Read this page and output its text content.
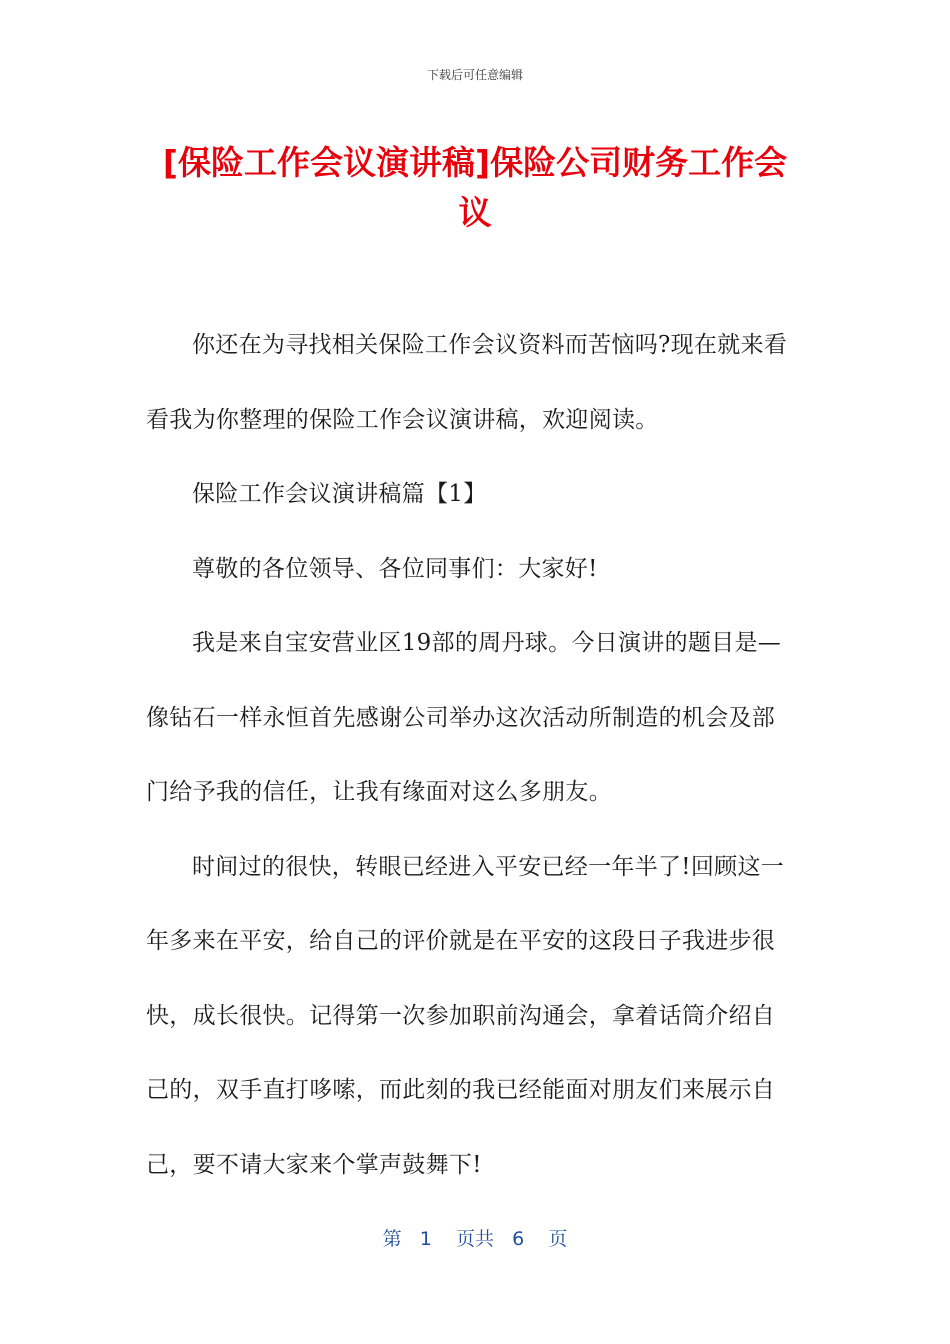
下载后可任意编辑
[保险工作会议演讲稿]保险公司财务工作会议

你还在为寻找相关保险工作会议资料而苦恼吗?现在就来看看我为你整理的保险工作会议演讲稿，欢迎阅读。

保险工作会议演讲稿篇【1】

尊敬的各位领导、各位同事们：大家好!

我是来自宝安营业区19部的周丹球。今日演讲的题目是—像钻石一样永恒首先感谢公司举办这次活动所制造的机会及部门给予我的信任，让我有缘面对这么多朋友。

时间过的很快，转眼已经进入平安已经一年半了!回顾这一年多来在平安，给自己的评价就是在平安的这段日子我进步很快，成长很快。记得第一次参加职前沟通会，拿着话筒介绍自己的，双手直打哆嗦，而此刻的我已经能面对朋友们来展示自己，要不请大家来个掌声鼓舞下!

第 1 页共 6 页
